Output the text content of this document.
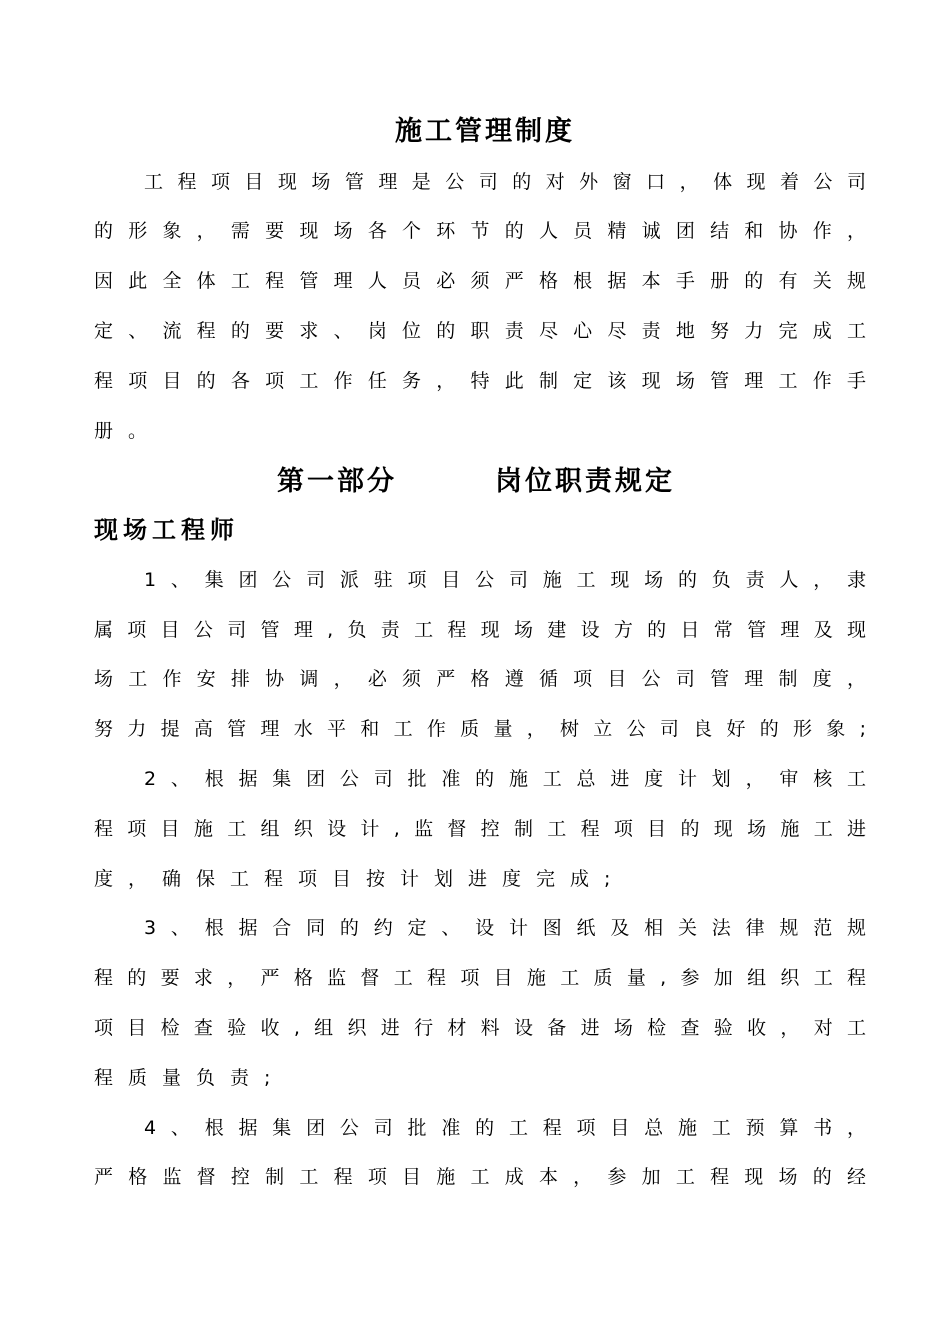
施工管理制度
工程项目现场管理是公司的对外窗口，体现着公司
的形象，需要现场各个环节的人员精诚团结和协作，
因此全体工程管理人员必须严格根据本手册的有关规
定、流程的要求、岗位的职责尽心尽责地努力完成工
程项目的各项工作任务，特此制定该现场管理工作手
册。
第一部分	岗位职责规定
现场工程师
1、集团公司派驻项目公司施工现场的负责人，隶
属项目公司管理,负责工程现场建设方的日常管理及现
场工作安排协调，必须严格遵循项目公司管理制度，
努力提高管理水平和工作质量，树立公司良好的形象;
2、根据集团公司批准的施工总进度计划，审核工
程项目施工组织设计,监督控制工程项目的现场施工进
度，确保工程项目按计划进度完成;
3、根据合同的约定、设计图纸及相关法律规范规
程的要求，严格监督工程项目施工质量,参加组织工程
项目检查验收,组织进行材料设备进场检查验收，对工
程质量负责;
4、根据集团公司批准的工程项目总施工预算书，
严格监督控制工程项目施工成本，参加工程现场的经
